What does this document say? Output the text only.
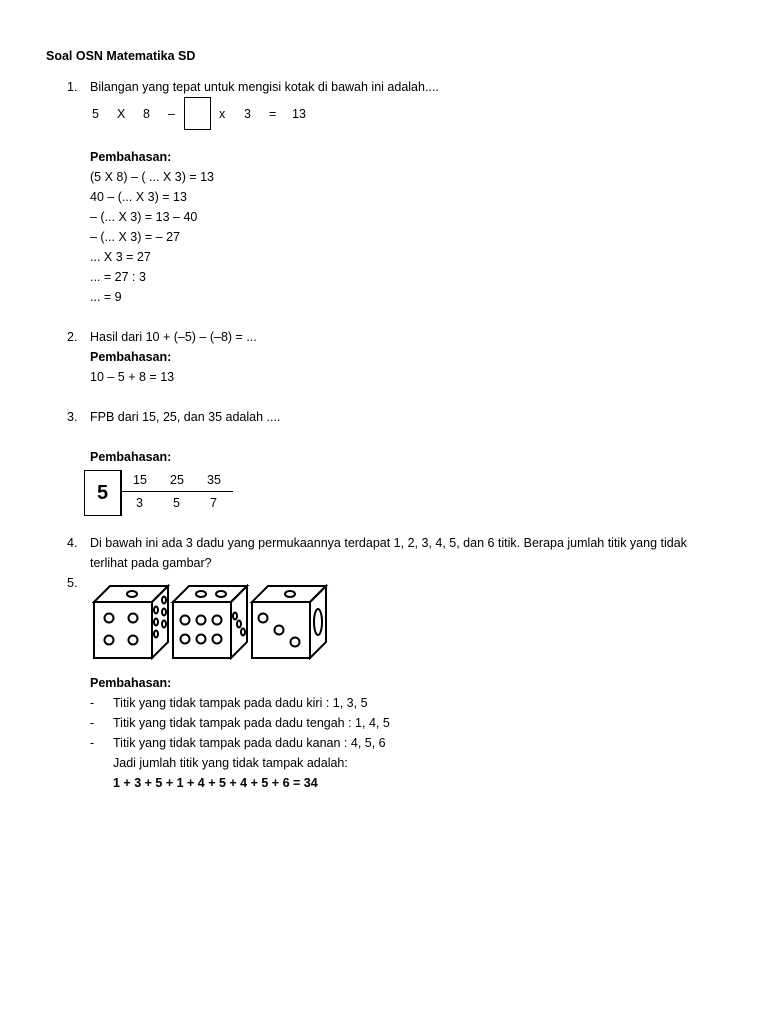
Soal OSN Matematika SD
1. Bilangan yang tepat untuk mengisi kotak di bawah ini adalah....
5 X 8 –	x 3 = 13
Pembahasan:
(5 X 8) – ( ... X 3) = 13
40 – (... X 3) = 13
– (... X 3) = 13 – 40
– (... X 3) = – 27
... X 3 = 27
... = 27 : 3
... = 9
2. Hasil dari 10 + (–5) – (–8) = ...
Pembahasan:
10 – 5 + 8 = 13
3. FPB dari 15, 25, dan 35 adalah ....
Pembahasan:
5
15 25 35
3 5 7
4. Di bawah ini ada 3 dadu yang permukaannya terdapat 1, 2, 3, 4, 5, dan 6 titik. Berapa jumlah titik yang tidak
terlihat pada gambar?
5.
Pembahasan:
- Titik yang tidak tampak pada dadu kiri : 1, 3, 5
- Titik yang tidak tampak pada dadu tengah : 1, 4, 5
- Titik yang tidak tampak pada dadu kanan : 4, 5, 6
Jadi jumlah titik yang tidak tampak adalah:
1 + 3 + 5 + 1 + 4 + 5 + 4 + 5 + 6 = 34
